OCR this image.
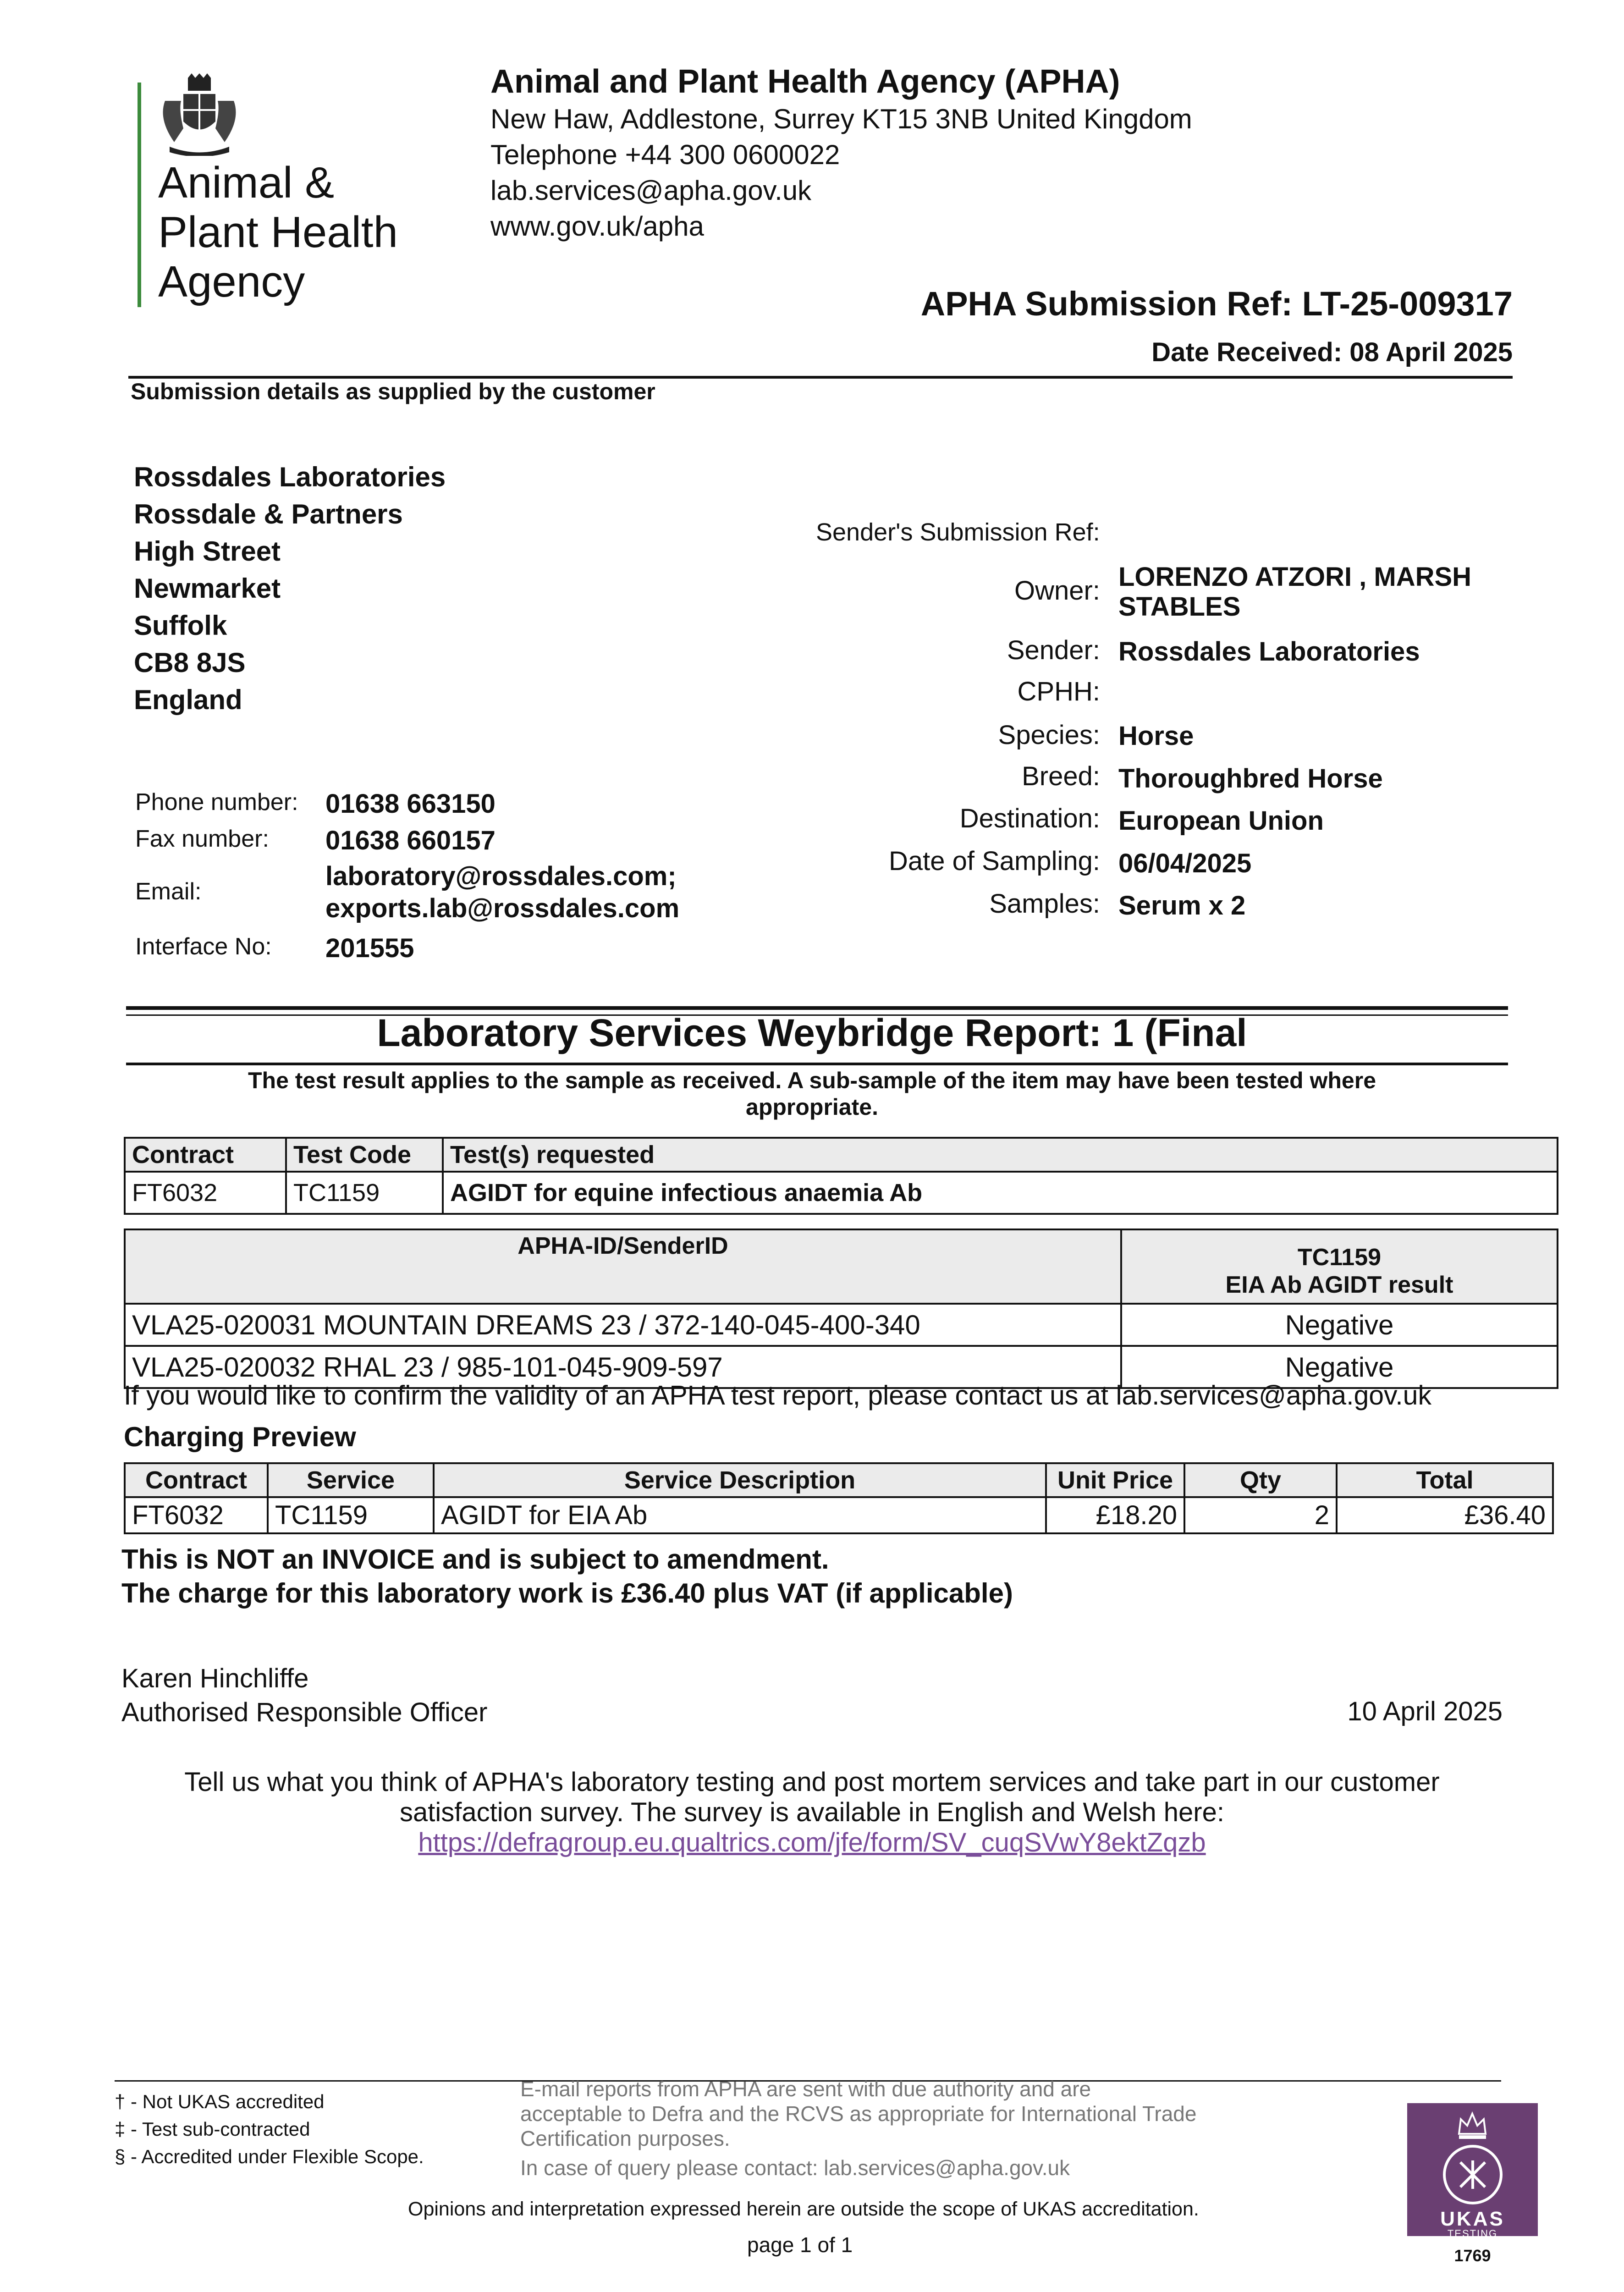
Animal &
Plant Health
Agency
Animal and Plant Health Agency (APHA)
New Haw, Addlestone, Surrey KT15 3NB United Kingdom
Telephone +44 300 0600022
lab.services@apha.gov.uk
www.gov.uk/apha
APHA Submission Ref: LT-25-009317
Date Received: 08 April 2025
Submission details as supplied by the customer
Rossdales Laboratories
Rossdale & Partners
High Street
Newmarket
Suffolk
CB8 8JS
England
Phone number: 01638 663150
Fax number: 01638 660157
Email:
laboratory@rossdales.com;
exports.lab@rossdales.com
Interface No: 201555
Sender's Submission Ref:
Owner: LORENZO ATZORI , MARSH
STABLES
Sender: Rossdales Laboratories
CPHH:
Species: Horse
Breed: Thoroughbred Horse
Destination: European Union
Date of Sampling: 06/04/2025
Samples: Serum x 2
Laboratory Services Weybridge Report: 1 (Final
The test result applies to the sample as received. A sub-sample of the item may have been tested where
appropriate.
Contract	Test Code	Test(s) requested
FT6032	TC1159	AGIDT for equine infectious anaemia Ab
APHA-ID/SenderID	TC1159
EIA Ab AGIDT result

VLA25-020031 MOUNTAIN DREAMS 23 / 372-140-045-400-340	Negative
VLA25-020032 RHAL 23 / 985-101-045-909-597	Negative
If you would like to confirm the validity of an APHA test report, please contact us at lab.services@apha.gov.uk
Charging Preview
Contract	Service	Service Description	Unit Price	Qty	Total
FT6032	TC1159	AGIDT for EIA Ab	£18.20	2	£36.40
This is NOT an INVOICE and is subject to amendment.
The charge for this laboratory work is £36.40 plus VAT (if applicable)
Karen Hinchliffe
Authorised Responsible Officer	10 April 2025
Tell us what you think of APHA's laboratory testing and post mortem services and take part in our customer
satisfaction survey. The survey is available in English and Welsh here:
https://defragroup.eu.qualtrics.com/jfe/form/SV_cuqSVwY8ektZqzb
† - Not UKAS accredited
‡ - Test sub-contracted
§ - Accredited under Flexible Scope.
E-mail reports from APHA are sent with due authority and are
acceptable to Defra and the RCVS as appropriate for International Trade
Certification purposes.
In case of query please contact: lab.services@apha.gov.uk
Opinions and interpretation expressed herein are outside the scope of UKAS accreditation.
page 1 of 1
UKAS
TESTING
1769
